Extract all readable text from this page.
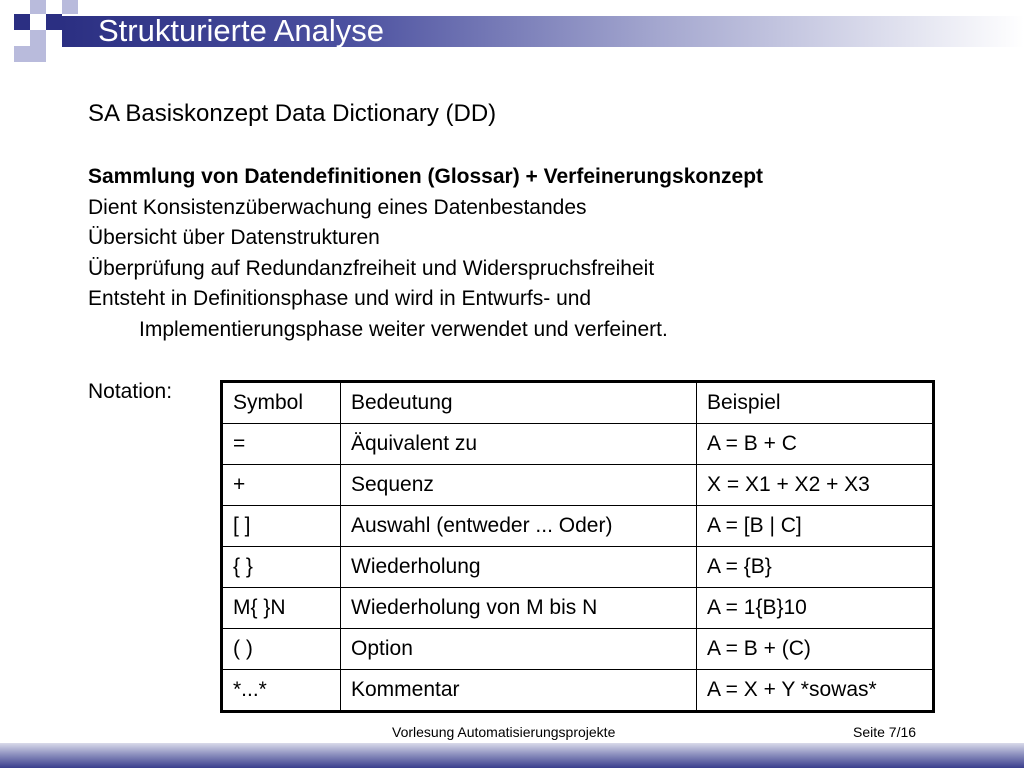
Strukturierte Analyse
SA Basiskonzept Data Dictionary (DD)
Sammlung von Datendefinitionen (Glossar) + Verfeinerungskonzept
Dient Konsistenzüberwachung eines Datenbestandes
Übersicht über Datenstrukturen
Überprüfung auf Redundanzfreiheit und Widerspruchsfreiheit
Entsteht in Definitionsphase und wird in Entwurfs- und
Implementierungsphase weiter verwendet und verfeinert.
Notation:	Symbol	Bedeutung	Beispiel
=	Äquivalent zu	A = B + C
+	Sequenz	X = X1 + X2 + X3
[ ]	Auswahl (entweder ... Oder)	A = [B | C]
{ }	Wiederholung	A = {B}
M{ }N	Wiederholung von M bis N	A = 1{B}10
( )	Option	A = B + (C)
*...*	Kommentar	A = X + Y *sowas*
Vorlesung Automatisierungsprojekte	Seite 7/16
